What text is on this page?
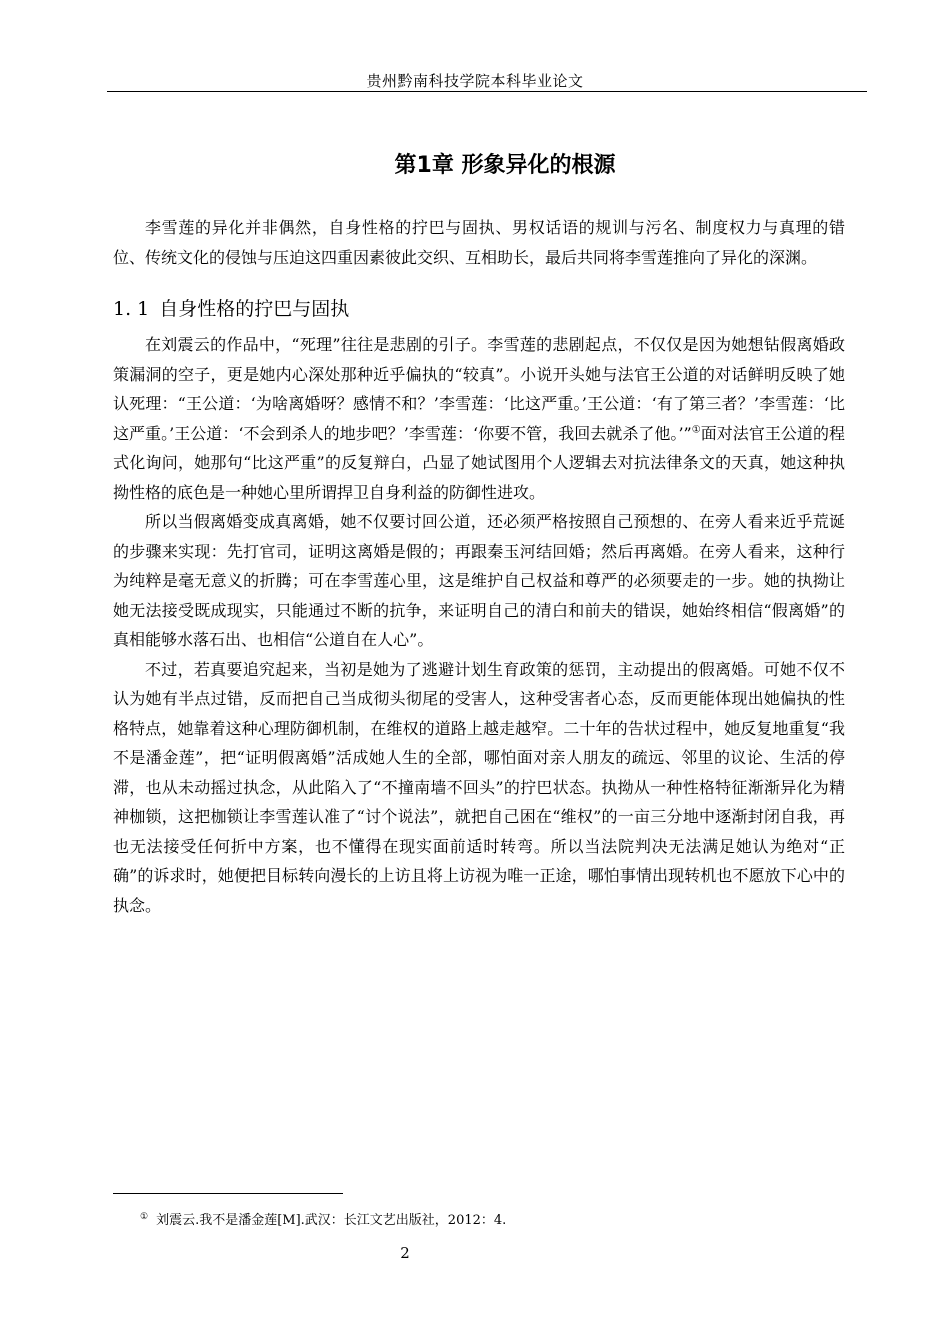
贵州黔南科技学院本科毕业论文
第1章 形象异化的根源

李雪莲的异化并非偶然，自身性格的拧巴与固执、男权话语的规训与污名、制度权力与真理的错位、传统文化的侵蚀与压迫这四重因素彼此交织、互相助长，最后共同将李雪莲推向了异化的深渊。

1. 1 自身性格的拧巴与固执

在刘震云的作品中，“死理”往往是悲剧的引子。李雪莲的悲剧起点，不仅仅是因为她想钻假离婚政策漏洞的空子，更是她内心深处那种近乎偏执的“较真”。小说开头她与法官王公道的对话鲜明反映了她认死理：“王公道：‘为啥离婚呀？感情不和？’李雪莲：‘比这严重。’王公道：‘有了第三者？’李雪莲：‘比这严重。’王公道：‘不会到杀人的地步吧？’李雪莲：‘你要不管，我回去就杀了他。’”①面对法官王公道的程式化询问，她那句“比这严重”的反复辩白，凸显了她试图用个人逻辑去对抗法律条文的天真，她这种执拗性格的底色是一种她心里所谓捍卫自身利益的防御性进攻。

所以当假离婚变成真离婚，她不仅要讨回公道，还必须严格按照自己预想的、在旁人看来近乎荒诞的步骤来实现：先打官司，证明这离婚是假的；再跟秦玉河结回婚；然后再离婚。在旁人看来，这种行为纯粹是毫无意义的折腾；可在李雪莲心里，这是维护自己权益和尊严的必须要走的一步。她的执拗让她无法接受既成现实，只能通过不断的抗争，来证明自己的清白和前夫的错误，她始终相信“假离婚”的真相能够水落石出、也相信“公道自在人心”。

不过，若真要追究起来，当初是她为了逃避计划生育政策的惩罚，主动提出的假离婚。可她不仅不认为她有半点过错，反而把自己当成彻头彻尾的受害人，这种受害者心态，反而更能体现出她偏执的性格特点，她靠着这种心理防御机制，在维权的道路上越走越窄。二十年的告状过程中，她反复地重复“我不是潘金莲”，把“证明假离婚”活成她人生的全部，哪怕面对亲人朋友的疏远、邻里的议论、生活的停滞，也从未动摇过执念，从此陷入了“不撞南墙不回头”的拧巴状态。执拗从一种性格特征渐渐异化为精神枷锁，这把枷锁让李雪莲认准了“讨个说法”，就把自己困在“维权”的一亩三分地中逐渐封闭自我，再也无法接受任何折中方案，也不懂得在现实面前适时转弯。所以当法院判决无法满足她认为绝对“正确”的诉求时，她便把目标转向漫长的上访且将上访视为唯一正途，哪怕事情出现转机也不愿放下心中的执念。

① 刘震云.我不是潘金莲[M].武汉：长江文艺出版社，2012：4.
2
